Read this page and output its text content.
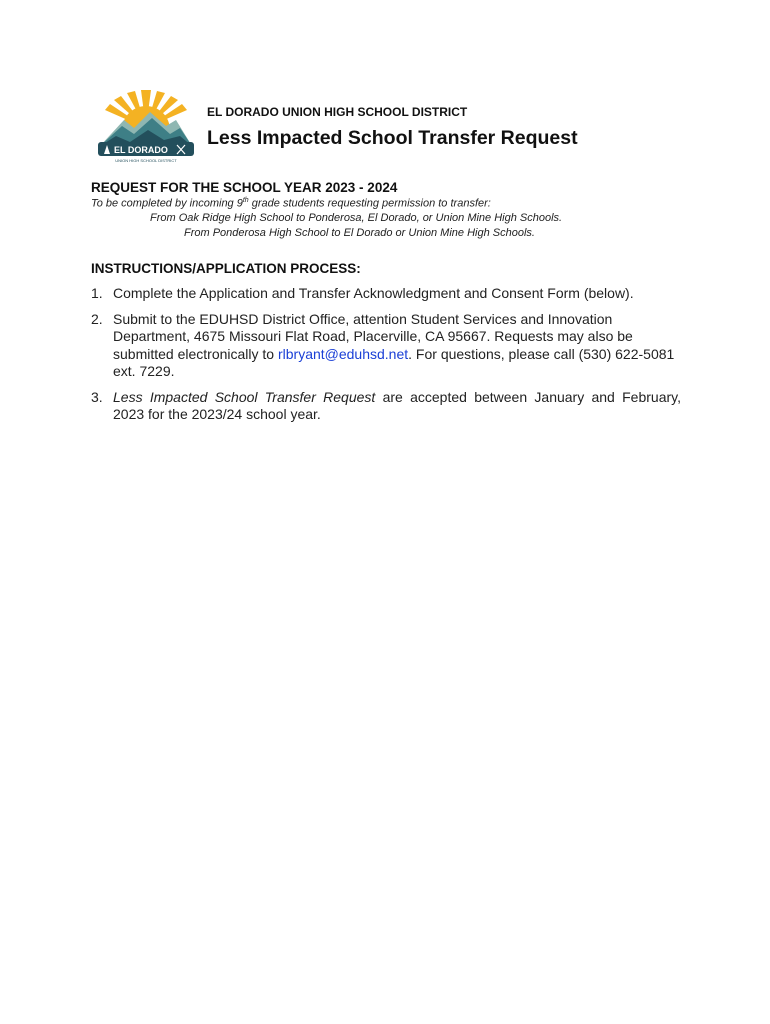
EL DORADO
UNION HIGH SCHOOL DISTRICT
EL DORADO UNION HIGH SCHOOL DISTRICT
Less Impacted School Transfer Request
REQUEST FOR THE SCHOOL YEAR 2023 - 2024
To be completed by incoming 9th grade students requesting permission to transfer:
From Oak Ridge High School to Ponderosa, El Dorado, or Union Mine High Schools.
From Ponderosa High School to El Dorado or Union Mine High Schools.
INSTRUCTIONS/APPLICATION PROCESS:
1. Complete the Application and Transfer Acknowledgment and Consent Form (below).
2. Submit to the EDUHSD District Office, attention Student Services and Innovation Department, 4675 Missouri Flat Road, Placerville, CA 95667. Requests may also be submitted electronically to rlbryant@eduhsd.net. For questions, please call (530) 622-5081 ext. 7229.
3. Less Impacted School Transfer Request are accepted between January and February, 2023 for the 2023/24 school year.
